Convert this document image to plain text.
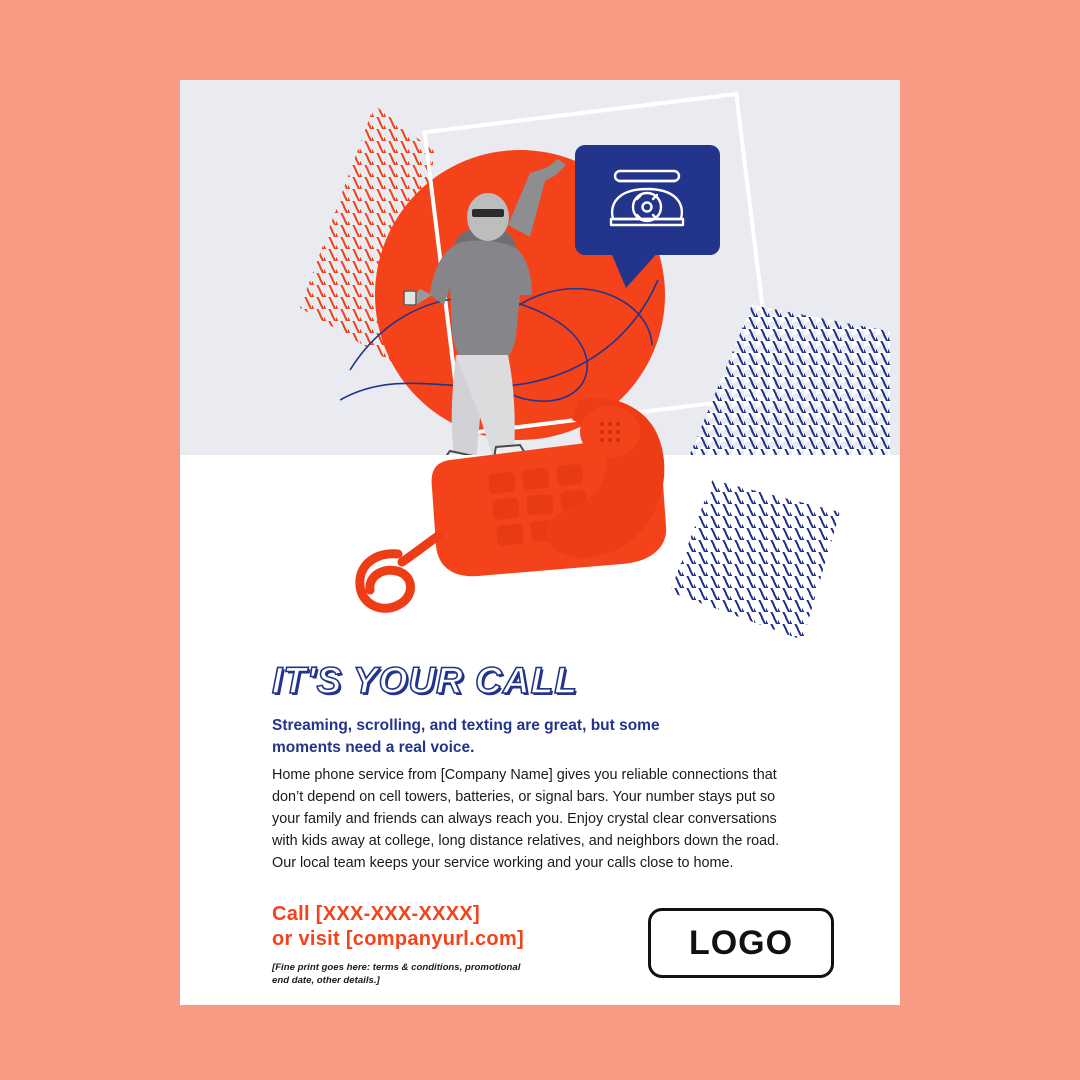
IT'S YOUR CALL
Streaming, scrolling, and texting are great, but some moments need a real voice.
Home phone service from [Company Name] gives you reliable connections that don’t depend on cell towers, batteries, or signal bars. Your number stays put so your family and friends can always reach you. Enjoy crystal clear conversations with kids away at college, long distance relatives, and neighbors down the road. Our local team keeps your service working and your calls close to home.
Call [XXX-XXX-XXXX]
or visit [companyurl.com]
[Fine print goes here: terms & conditions, promotional end date, other details.]
LOGO
